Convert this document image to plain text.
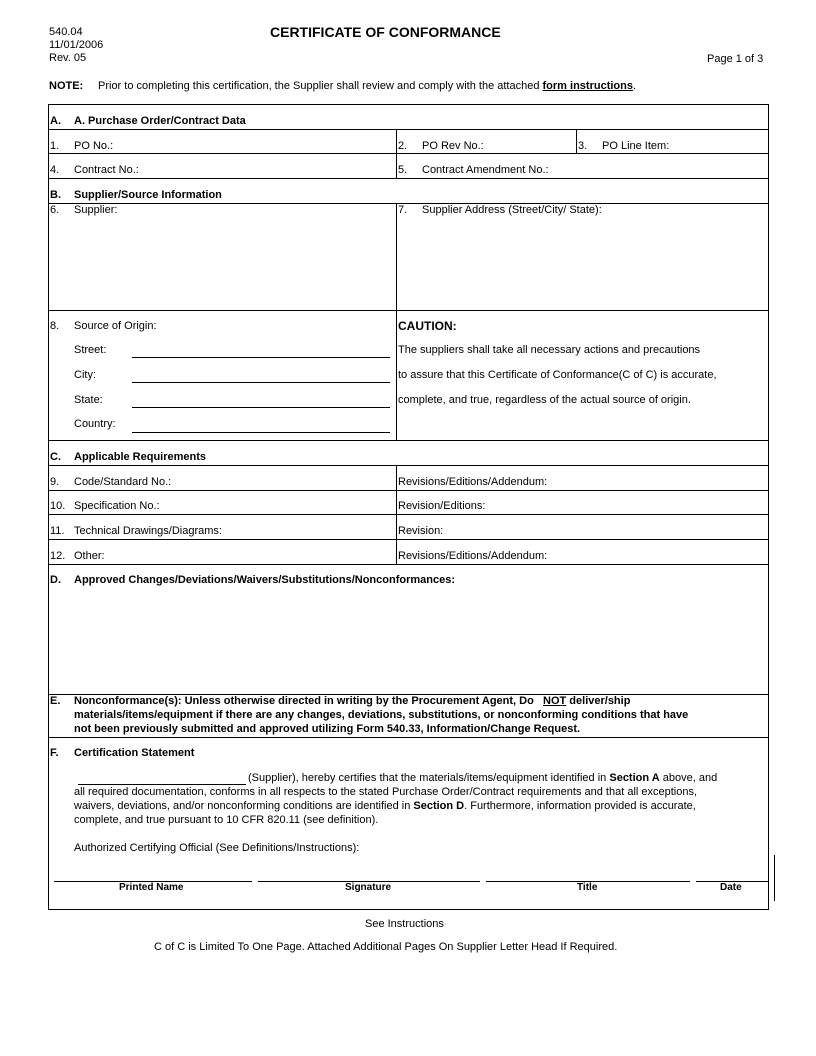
540.04
11/01/2006
Rev. 05
CERTIFICATE OF CONFORMANCE
Page 1 of 3
NOTE: Prior to completing this certification, the Supplier shall review and comply with the attached form instructions.
A. A. Purchase Order/Contract Data
1. PO No.:	2. PO Rev No.:	3. PO Line Item:
4. Contract No.:	5. Contract Amendment No.:
B. Supplier/Source Information
6. Supplier:	7. Supplier Address (Street/City/ State):
8. Source of Origin:
Street:
City:
State:
Country:
CAUTION:
The suppliers shall take all necessary actions and precautions
to assure that this Certificate of Conformance(C of C) is accurate,
complete, and true, regardless of the actual source of origin.
C. Applicable Requirements
9. Code/Standard No.:	Revisions/Editions/Addendum:
10. Specification No.:	Revision/Editions:
11. Technical Drawings/Diagrams:	Revision:
12. Other:	Revisions/Editions/Addendum:
D. Approved Changes/Deviations/Waivers/Substitutions/Nonconformances:
E. Nonconformance(s): Unless otherwise directed in writing by the Procurement Agent, Do NOT deliver/ship
materials/items/equipment if there are any changes, deviations, substitutions, or nonconforming conditions that have
not been previously submitted and approved utilizing Form 540.33, Information/Change Request.
F. Certification Statement
(Supplier), hereby certifies that the materials/items/equipment identified in Section A above, and
all required documentation, conforms in all respects to the stated Purchase Order/Contract requirements and that all exceptions,
waivers, deviations, and/or nonconforming conditions are identified in Section D. Furthermore, information provided is accurate,
complete, and true pursuant to 10 CFR 820.11 (see definition).
Authorized Certifying Official (See Definitions/Instructions):
Printed Name	Signature	Title	Date
See Instructions
C of C is Limited To One Page. Attached Additional Pages On Supplier Letter Head If Required.
